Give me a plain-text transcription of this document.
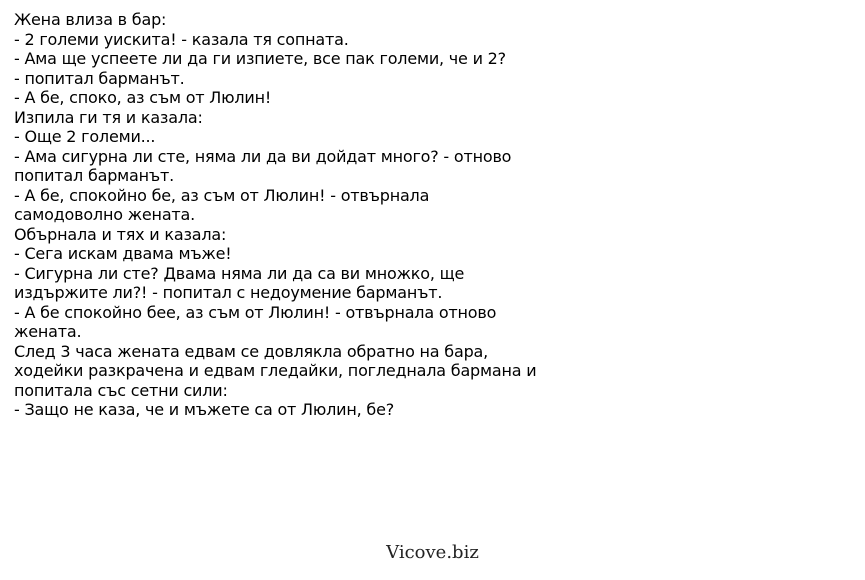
Жена влиза в бар:
- 2 големи уискита! - казала тя сопната.
- Ама ще успеете ли да ги изпиете, все пак големи, че и 2?
- попитал барманът.
- А бе, споко, аз съм от Люлин!
Изпила ги тя и казала:
- Още 2 големи...
- Ама сигурна ли сте, няма ли да ви дойдат много? - отново
попитал барманът.
- А бе, спокойно бе, аз съм от Люлин! - отвърнала
самодоволно жената.
Обърнала и тях и казала:
- Сега искам двама мъже!
- Сигурна ли сте? Двама няма ли да са ви множко, ще
издържите ли?! - попитал с недоумение барманът.
- А бе спокойно бее, аз съм от Люлин! - отвърнала отново
жената.
След 3 часа жената едвам се довлякла обратно на бара,
ходейки разкрачена и едвам гледайки, погледнала бармана и
попитала със сетни сили:
- Защо не каза, че и мъжете са от Люлин, бе?
Vicove.biz
